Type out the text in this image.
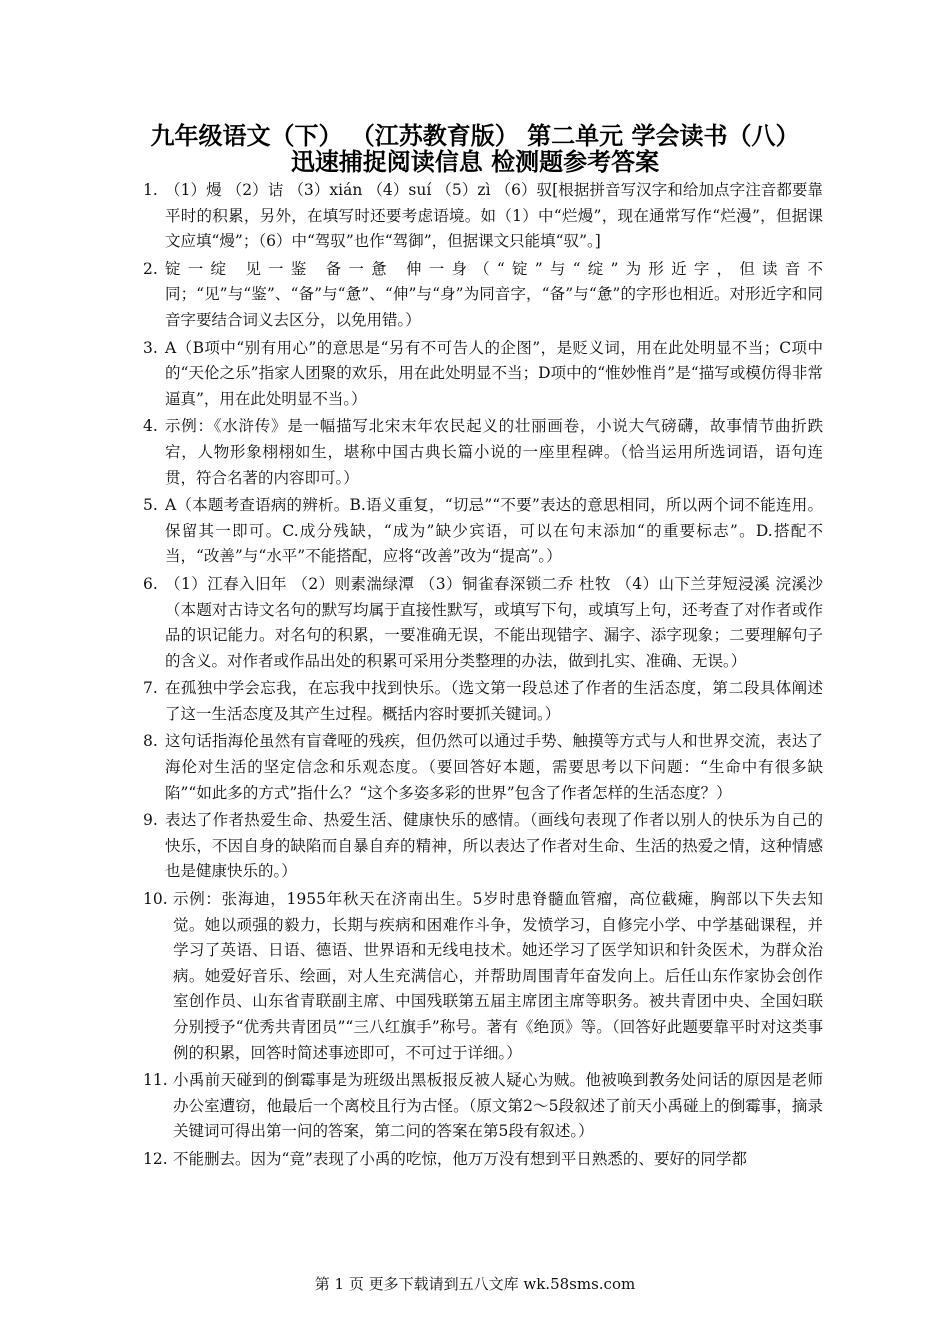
九年级语文（下） （江苏教育版） 第二单元 学会读书（八）
迅速捕捉阅读信息 检测题参考答案
1. （1）熳 （2）诘 （3）xián （4）suí （5）zì （6）驭[根据拼音写汉字和给加点字注音都要靠平时的积累，另外，在填写时还要考虑语境。如（1）中“烂熳”，现在通常写作“烂漫”，但据课文应填“熳”；（6）中“驾驭”也作“驾御”，但据课文只能填“驭”。]
2. 锭一绽 见一鉴 备一惫 伸一身（“锭”与“绽”为形近字，但读音不同；“见”与“鉴”、“备”与“惫”、“伸”与“身”为同音字，“备”与“惫”的字形也相近。对形近字和同音字要结合词义去区分，以免用错。）
3. A（B项中“别有用心”的意思是“另有不可告人的企图”，是贬义词，用在此处明显不当；C项中的“天伦之乐”指家人团聚的欢乐，用在此处明显不当；D项中的“惟妙惟肖”是“描写或模仿得非常逼真”，用在此处明显不当。）
4. 示例：《水浒传》是一幅描写北宋末年农民起义的壮丽画卷，小说大气磅礴，故事情节曲折跌宕，人物形象栩栩如生，堪称中国古典长篇小说的一座里程碑。（恰当运用所选词语，语句连贯，符合名著的内容即可。）
5. A（本题考查语病的辨析。B.语义重复，“切忌”“不要”表达的意思相同，所以两个词不能连用。保留其一即可。C.成分残缺，“成为”缺少宾语，可以在句末添加“的重要标志”。D.搭配不当，“改善”与“水平”不能搭配，应将“改善”改为“提高”。）
6. （1）江春入旧年 （2）则素湍绿潭 （3）铜雀春深锁二乔 杜牧 （4）山下兰芽短浸溪 浣溪沙（本题对古诗文名句的默写均属于直接性默写，或填写下句，或填写上句，还考查了对作者或作品的识记能力。对名句的积累，一要准确无误，不能出现错字、漏字、添字现象；二要理解句子的含义。对作者或作品出处的积累可采用分类整理的办法，做到扎实、准确、无误。）
7. 在孤独中学会忘我，在忘我中找到快乐。（选文第一段总述了作者的生活态度，第二段具体阐述了这一生活态度及其产生过程。概括内容时要抓关键词。）
8. 这句话指海伦虽然有盲聋哑的残疾，但仍然可以通过手势、触摸等方式与人和世界交流，表达了海伦对生活的坚定信念和乐观态度。（要回答好本题，需要思考以下问题：“生命中有很多缺陷”“如此多的方式”指什么？“这个多姿多彩的世界”包含了作者怎样的生活态度？）
9. 表达了作者热爱生命、热爱生活、健康快乐的感情。（画线句表现了作者以别人的快乐为自己的快乐，不因自身的缺陷而自暴自弃的精神，所以表达了作者对生命、生活的热爱之情，这种情感也是健康快乐的。）
10. 示例：张海迪，1955年秋天在济南出生。5岁时患脊髓血管瘤，高位截瘫，胸部以下失去知觉。她以顽强的毅力，长期与疾病和困难作斗争，发愤学习，自修完小学、中学基础课程，并学习了英语、日语、德语、世界语和无线电技术。她还学习了医学知识和针灸医术，为群众治病。她爱好音乐、绘画，对人生充满信心，并帮助周围青年奋发向上。后任山东作家协会创作室创作员、山东省青联副主席、中国残联第五届主席团主席等职务。被共青团中央、全国妇联分别授予“优秀共青团员”“三八红旗手”称号。著有《绝顶》等。（回答好此题要靠平时对这类事例的积累，回答时简述事迹即可，不可过于详细。）
11. 小禹前天碰到的倒霉事是为班级出黑板报反被人疑心为贼。他被唤到教务处问话的原因是老师办公室遭窃，他最后一个离校且行为古怪。（原文第2～5段叙述了前天小禹碰上的倒霉事，摘录关键词可得出第一问的答案，第二问的答案在第5段有叙述。）
12. 不能删去。因为“竟”表现了小禹的吃惊，他万万没有想到平日熟悉的、要好的同学都
第 1 页 更多下载请到五八文库 wk.58sms.com
